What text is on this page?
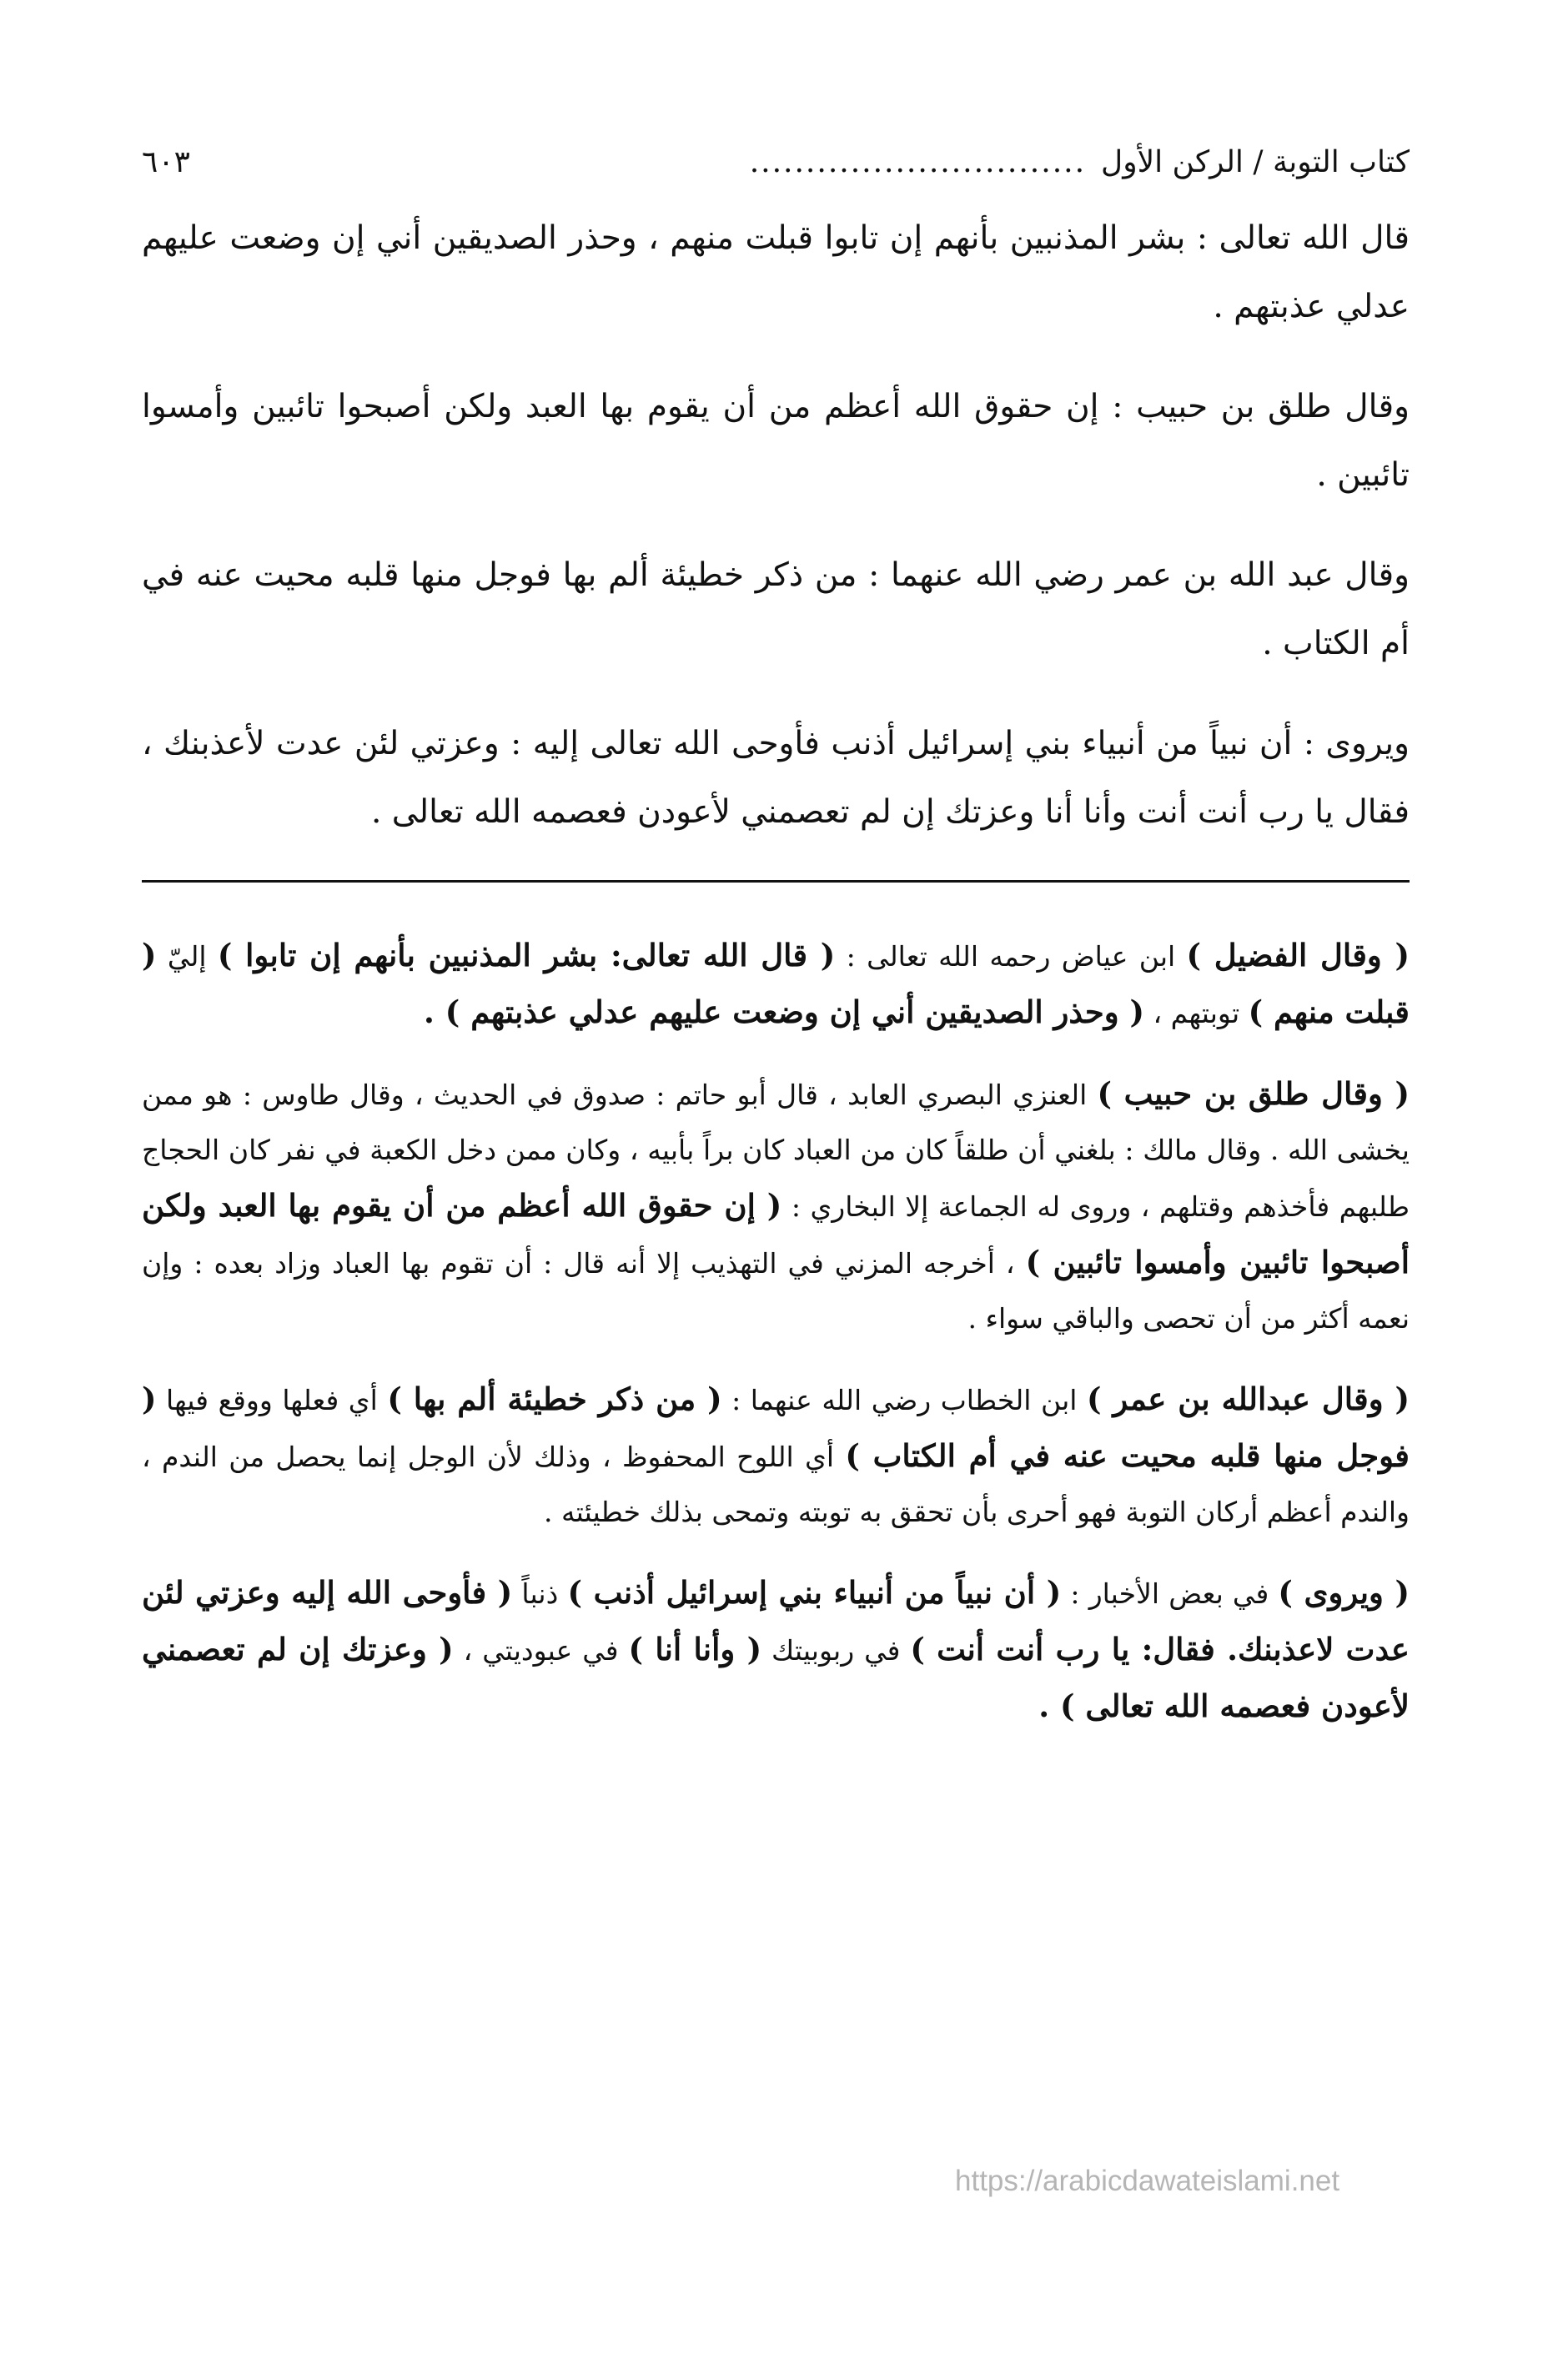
كتاب التوبة / الركن الأول
..............................
٦٠٣

قال الله تعالى : بشر المذنبين بأنهم إن تابوا قبلت منهم ، وحذر الصديقين أني إن وضعت عليهم عدلي عذبتهم .

وقال طلق بن حبيب : إن حقوق الله أعظم من أن يقوم بها العبد ولكن أصبحوا تائبين وأمسوا تائبين .

وقال عبد الله بن عمر رضي الله عنهما : من ذكر خطيئة ألم بها فوجل منها قلبه محيت عنه في أم الكتاب .

ويروى : أن نبياً من أنبياء بني إسرائيل أذنب فأوحى الله تعالى إليه : وعزتي لئن عدت لأعذبنك ، فقال يا رب أنت أنت وأنا أنا وعزتك إن لم تعصمني لأعودن فعصمه الله تعالى .

( وقال الفضيل ) ابن عياض رحمه الله تعالى : ( قال الله تعالى: بشر المذنبين بأنهم إن تابوا ) إليّ ( قبلت منهم ) توبتهم ، ( وحذر الصديقين أني إن وضعت عليهم عدلي عذبتهم ) .

( وقال طلق بن حبيب ) العنزي البصري العابد ، قال أبو حاتم : صدوق في الحديث ، وقال طاوس : هو ممن يخشى الله . وقال مالك : بلغني أن طلقاً كان من العباد كان براً بأبيه ، وكان ممن دخل الكعبة في نفر كان الحجاج طلبهم فأخذهم وقتلهم ، وروى له الجماعة إلا البخاري : ( إن حقوق الله أعظم من أن يقوم بها العبد ولكن أصبحوا تائبين وأمسوا تائبين ) ، أخرجه المزني في التهذيب إلا أنه قال : أن تقوم بها العباد وزاد بعده : وإن نعمه أكثر من أن تحصى والباقي سواء .

( وقال عبدالله بن عمر ) ابن الخطاب رضي الله عنهما : ( من ذكر خطيئة ألم بها ) أي فعلها ووقع فيها ( فوجل منها قلبه محيت عنه في أم الكتاب ) أي اللوح المحفوظ ، وذلك لأن الوجل إنما يحصل من الندم ، والندم أعظم أركان التوبة فهو أحرى بأن تحقق به توبته وتمحى بذلك خطيئته .

( ويروى ) في بعض الأخبار : ( أن نبياً من أنبياء بني إسرائيل أذنب ) ذنباً ( فأوحى الله إليه وعزتي لئن عدت لاعذبنك. فقال: يا رب أنت أنت ) في ربوبيتك ( وأنا أنا ) في عبوديتي ، ( وعزتك إن لم تعصمني لأعودن فعصمه الله تعالى ) .

https://arabicdawateislami.net
